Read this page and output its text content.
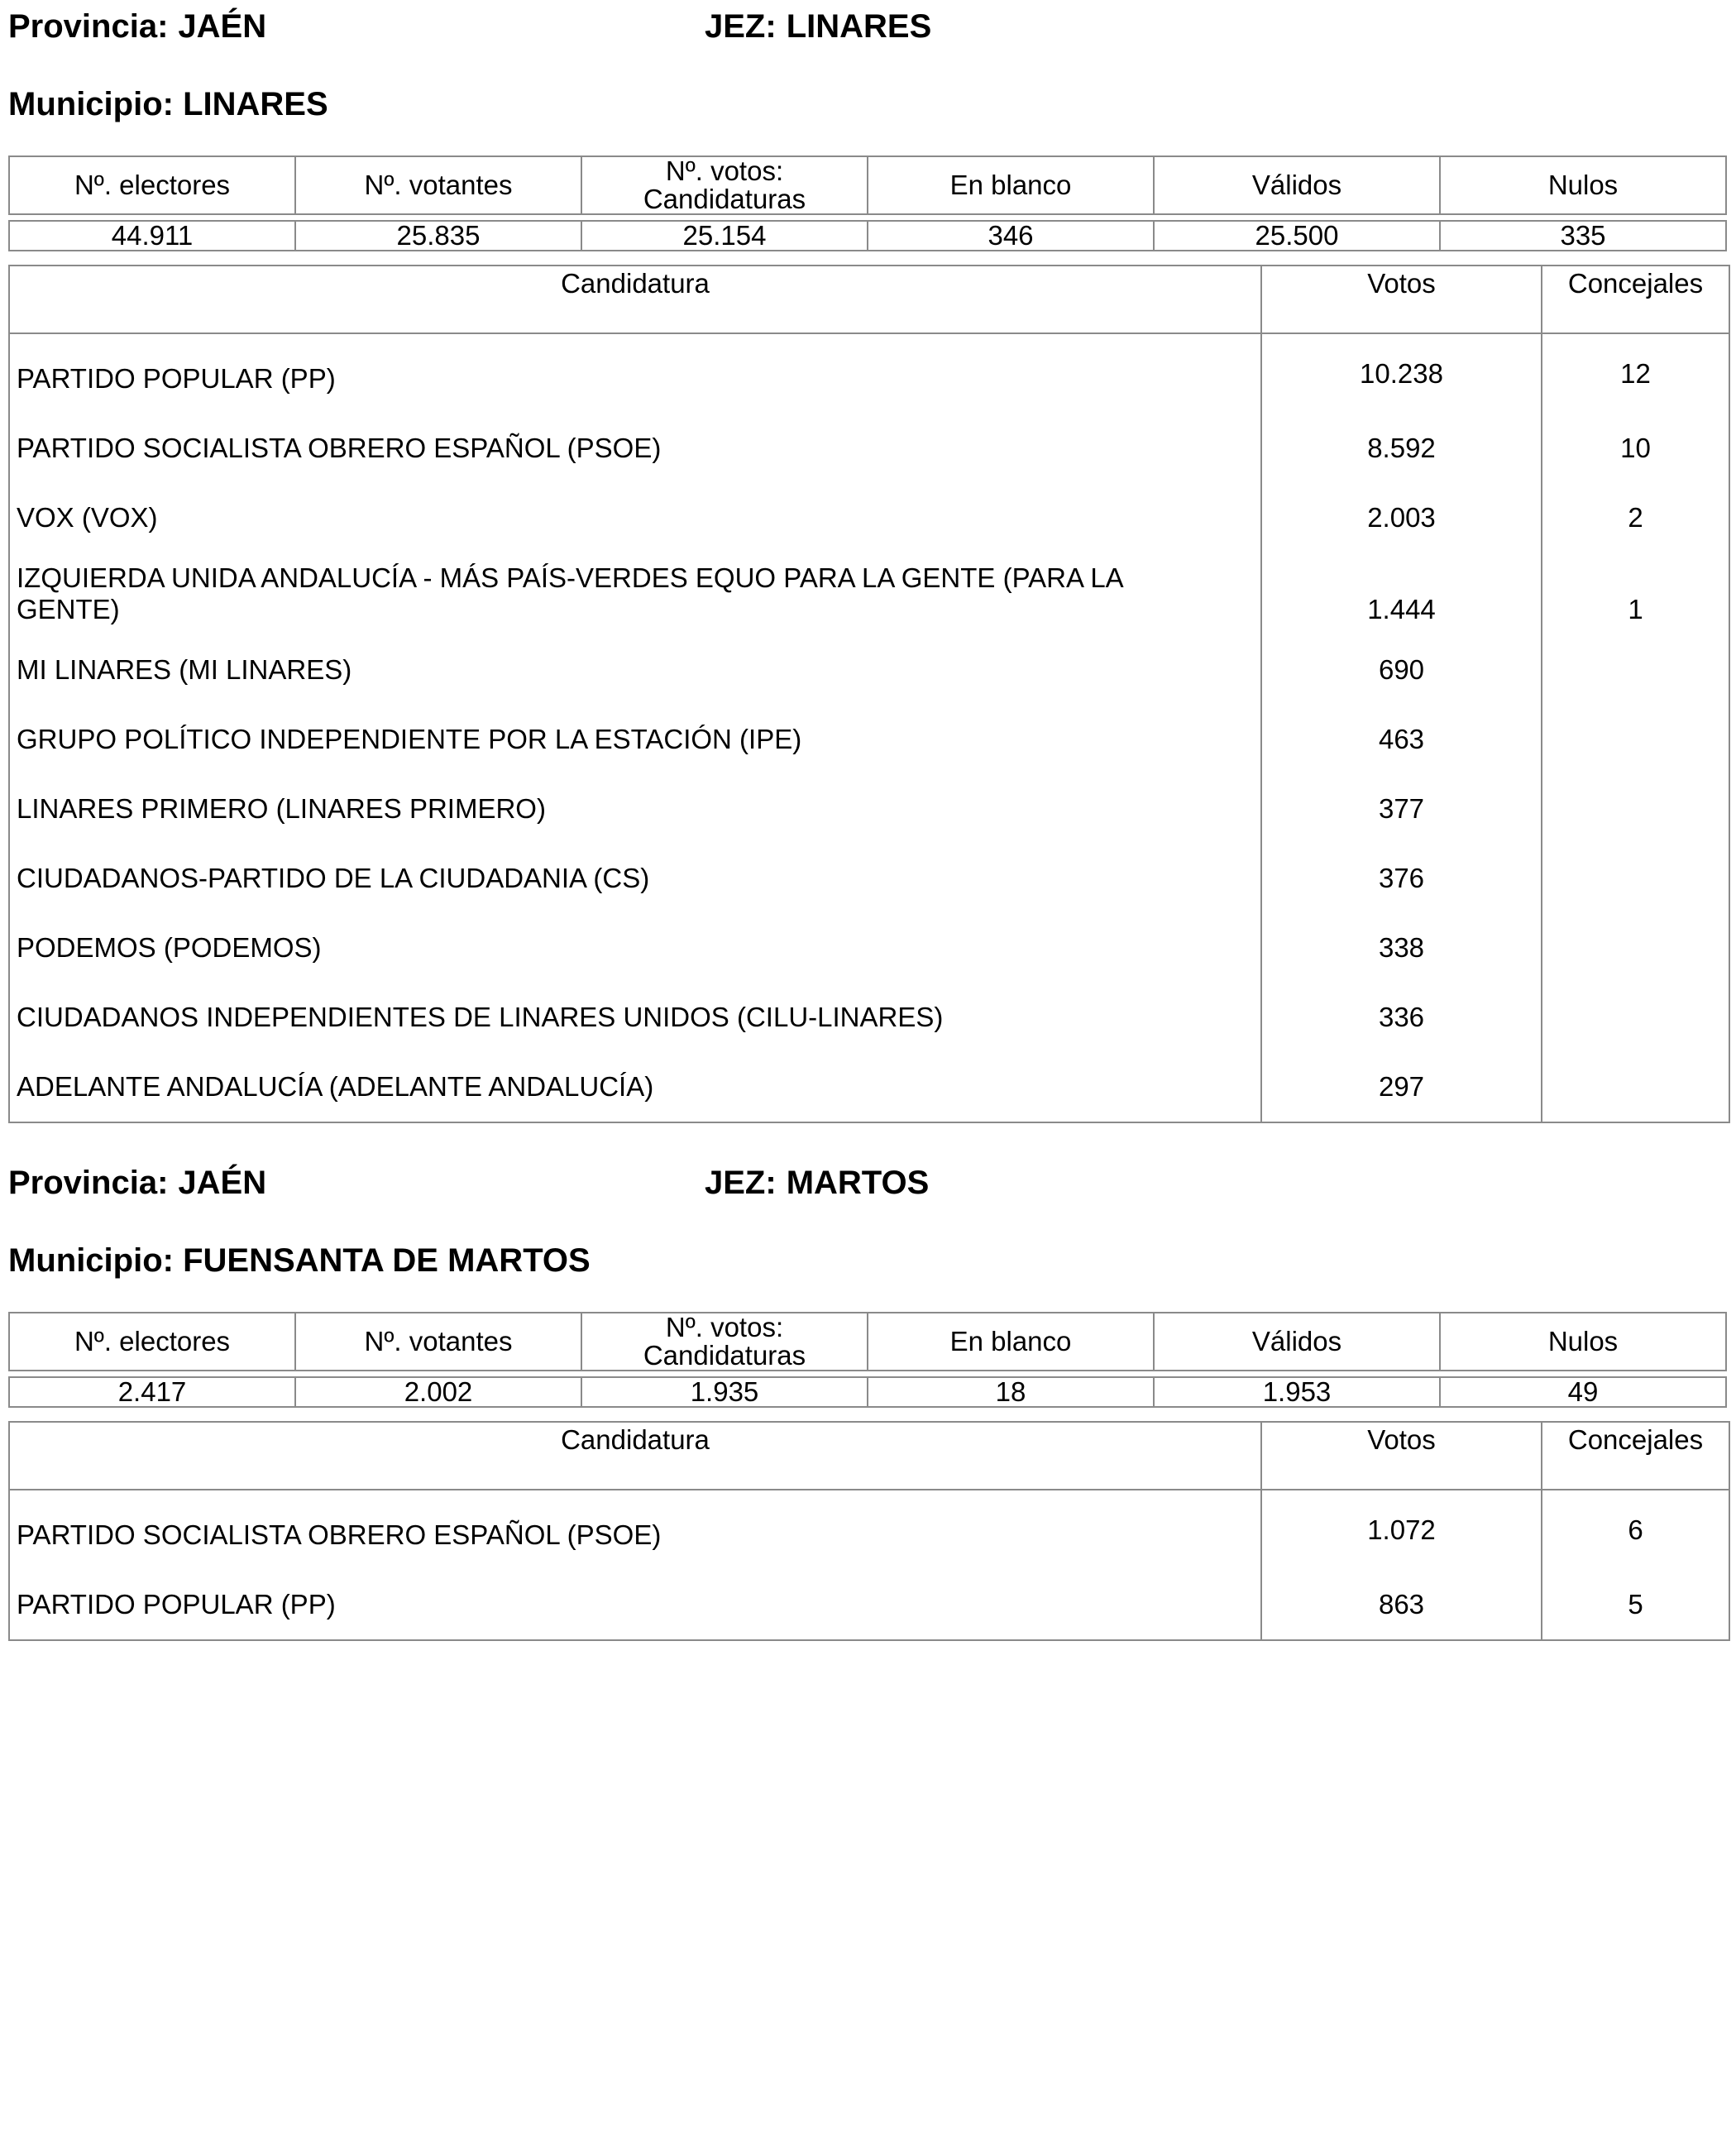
Provincia: JAÉN	JEZ: LINARES
Municipio: LINARES
Nº. electores	Nº. votantes	Nº. votos: Candidaturas	En blanco	Válidos	Nulos

44.911	25.835	25.154	346	25.500	335
Candidatura	Votos	Concejales
PARTIDO POPULAR (PP)	10.238	12
PARTIDO SOCIALISTA OBRERO ESPAÑOL (PSOE)	8.592	10
VOX (VOX)	2.003	2
IZQUIERDA UNIDA ANDALUCÍA - MÁS PAÍS-VERDES EQUO PARA LA GENTE (PARA LA GENTE)	1.444	1
MI LINARES (MI LINARES)	690	
GRUPO POLÍTICO INDEPENDIENTE POR LA ESTACIÓN (IPE)	463	
LINARES PRIMERO (LINARES PRIMERO)	377	
CIUDADANOS-PARTIDO DE LA CIUDADANIA (CS)	376	
PODEMOS (PODEMOS)	338	
CIUDADANOS INDEPENDIENTES DE LINARES UNIDOS (CILU-LINARES)	336	
ADELANTE ANDALUCÍA (ADELANTE ANDALUCÍA)	297	
Provincia: JAÉN	JEZ: MARTOS
Municipio: FUENSANTA DE MARTOS
Nº. electores	Nº. votantes	Nº. votos: Candidaturas	En blanco	Válidos	Nulos

2.417	2.002	1.935	18	1.953	49
Candidatura	Votos	Concejales
PARTIDO SOCIALISTA OBRERO ESPAÑOL (PSOE)	1.072	6
PARTIDO POPULAR (PP)	863	5
